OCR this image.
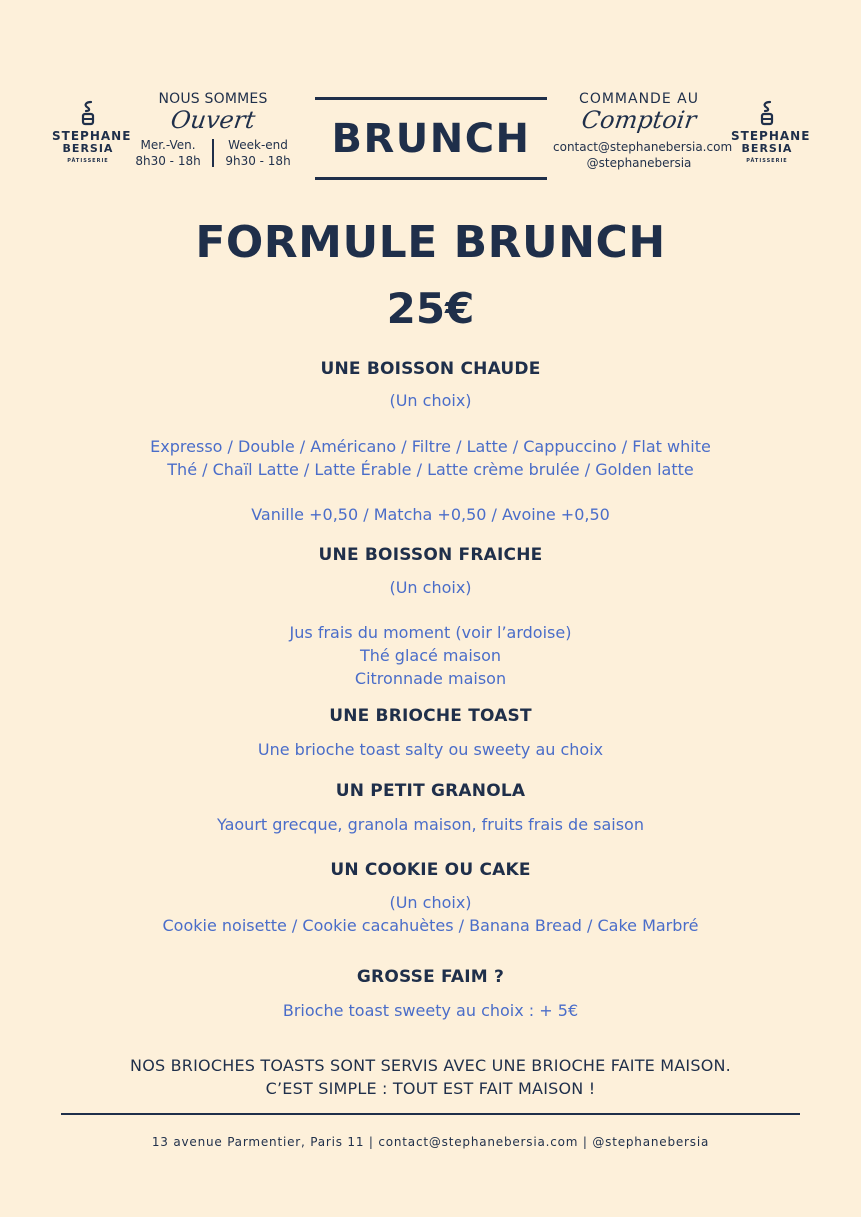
STEPHANE
BERSIA
PÂTISSERIE
NOUS SOMMES
Ouvert
Mer.-Ven.
8h30 - 18h
Week-end
9h30 - 18h BRUNCH
COMMANDE AU
Comptoir
contact@stephanebersia.com
@stephanebersia
STEPHANE
BERSIA
PÂTISSERIE
FORMULE BRUNCH
25€
UNE BOISSON CHAUDE
(Un choix)
Expresso / Double / Américano / Filtre / Latte / Cappuccino / Flat white
Thé / Chaïl Latte / Latte Érable / Latte crème brulée / Golden latte
Vanille +0,50 / Matcha +0,50 / Avoine +0,50
UNE BOISSON FRAICHE
(Un choix)
Jus frais du moment (voir l’ardoise)
Thé glacé maison
Citronnade maison
UNE BRIOCHE TOAST
Une brioche toast salty ou sweety au choix
UN PETIT GRANOLA
Yaourt grecque, granola maison, fruits frais de saison
UN COOKIE OU CAKE
(Un choix)
Cookie noisette / Cookie cacahuètes / Banana Bread / Cake Marbré
GROSSE FAIM ?
Brioche toast sweety au choix : + 5€
NOS BRIOCHES TOASTS SONT SERVIS AVEC UNE BRIOCHE FAITE MAISON.
C’EST SIMPLE : TOUT EST FAIT MAISON !
13 avenue Parmentier, Paris 11 | contact@stephanebersia.com | @stephanebersia
